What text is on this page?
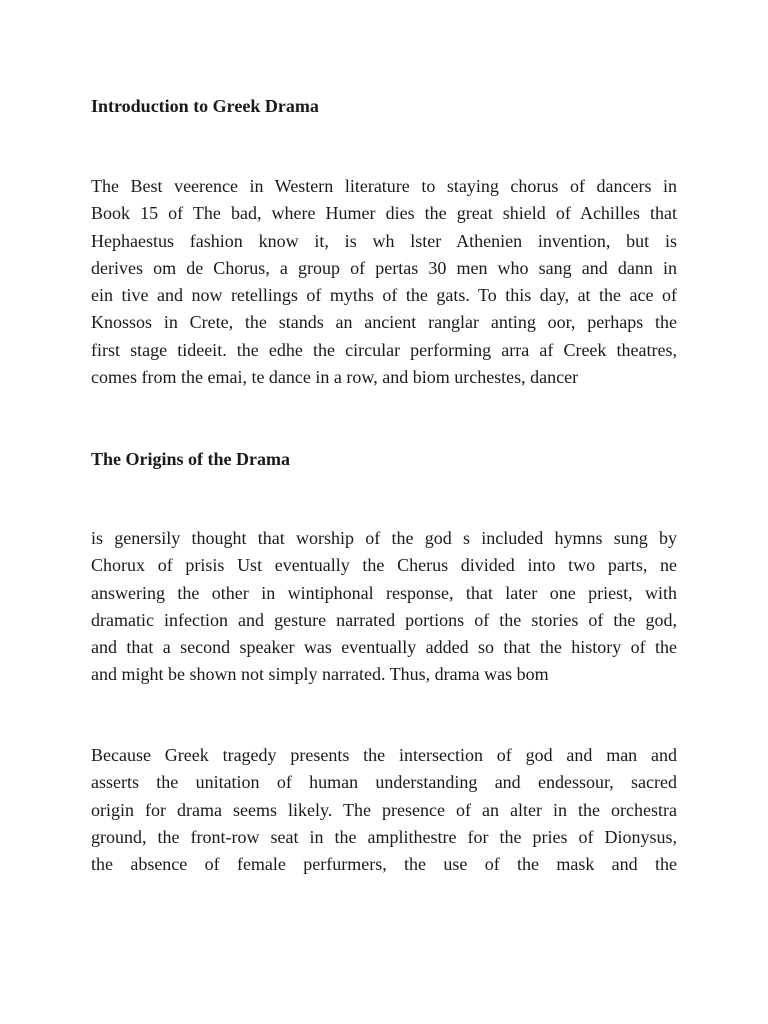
Introduction to Greek Drama
The Best veerence in Western literature to staying chorus of dancers in
Book 15 of The bad, where Humer dies the great shield of Achilles that
Hephaestus fashion know it, is wh lster Athenien invention, but is
derives om de Chorus, a group of pertas 30 men who sang and dann in
ein tive and now retellings of myths of the gats. To this day, at the ace of
Knossos in Crete, the stands an ancient ranglar anting oor, perhaps the
first stage tideeit. the edhe the circular performing arra af Creek theatres,
comes from the emai, te dance in a row, and biom urchestes, dancer
The Origins of the Drama
is genersily thought that worship of the god s included hymns sung by
Chorux of prisis Ust eventually the Cherus divided into two parts, ne
answering the other in wintiphonal response, that later one priest, with
dramatic infection and gesture narrated portions of the stories of the god,
and that a second speaker was eventually added so that the history of the
and might be shown not simply narrated. Thus, drama was bom
Because Greek tragedy presents the intersection of god and man and
asserts the unitation of human understanding and endessour, sacred
origin for drama seems likely. The presence of an alter in the orchestra
ground, the front-row seat in the amplithestre for the pries of Dionysus,
the absence of female perfurmers, the use of the mask and the
